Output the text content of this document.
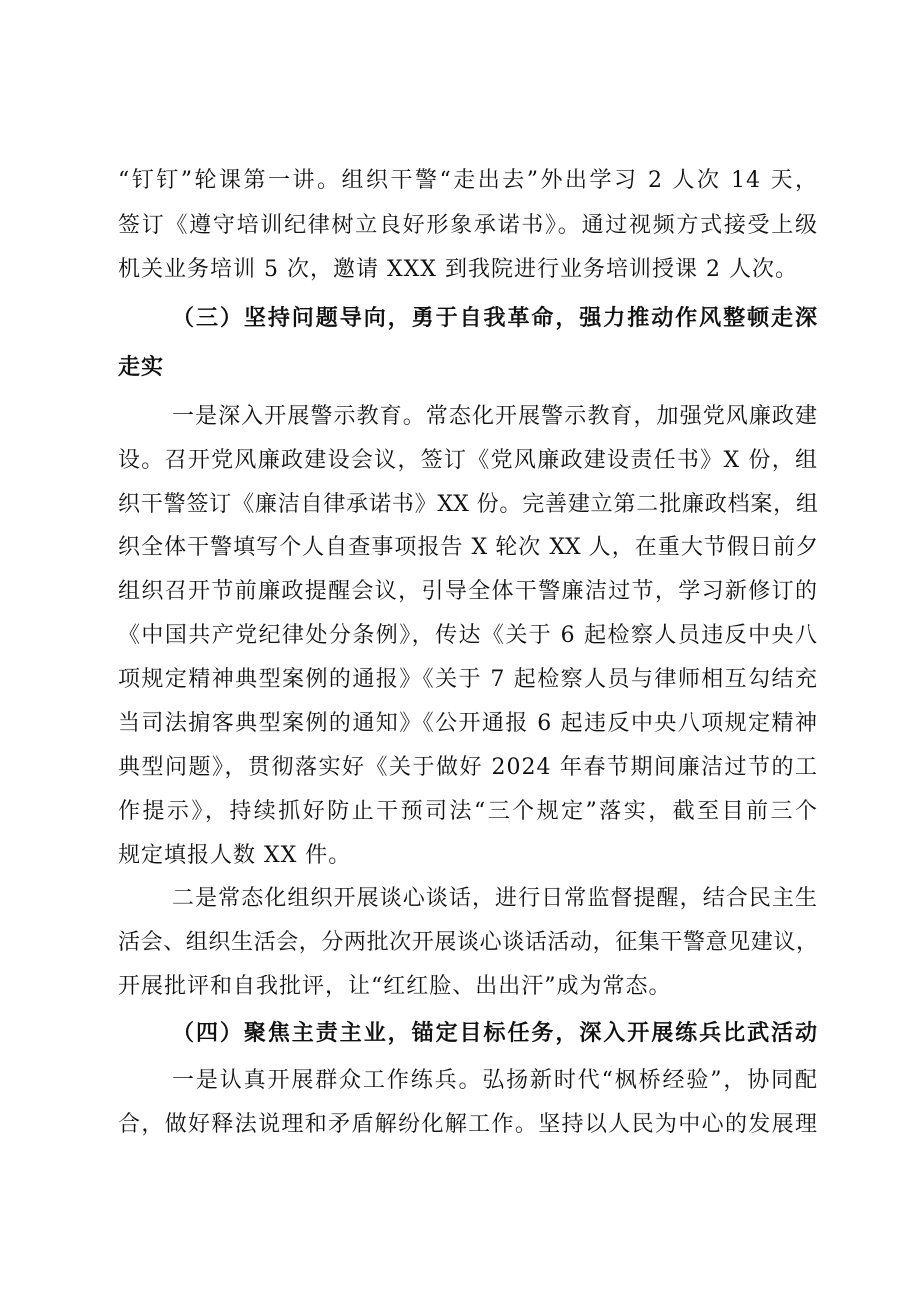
“钉钉”轮课第一讲。组织干警“走出去”外出学习 2 人次 14 天，
签订《遵守培训纪律树立良好形象承诺书》。通过视频方式接受上级
机关业务培训 5 次，邀请 XXX 到我院进行业务培训授课 2 人次。
（三）坚持问题导向，勇于自我革命，强力推动作风整顿走深
走实
一是深入开展警示教育。常态化开展警示教育，加强党风廉政建
设。召开党风廉政建设会议，签订《党风廉政建设责任书》X 份，组
织干警签订《廉洁自律承诺书》XX 份。完善建立第二批廉政档案，组
织全体干警填写个人自查事项报告 X 轮次 XX 人，在重大节假日前夕
组织召开节前廉政提醒会议，引导全体干警廉洁过节，学习新修订的
《中国共产党纪律处分条例》，传达《关于 6 起检察人员违反中央八
项规定精神典型案例的通报》《关于 7 起检察人员与律师相互勾结充
当司法掮客典型案例的通知》《公开通报 6 起违反中央八项规定精神
典型问题》，贯彻落实好《关于做好 2024 年春节期间廉洁过节的工
作提示》，持续抓好防止干预司法“三个规定”落实，截至目前三个
规定填报人数 XX 件。
二是常态化组织开展谈心谈话，进行日常监督提醒，结合民主生
活会、组织生活会，分两批次开展谈心谈话活动，征集干警意见建议，
开展批评和自我批评，让“红红脸、出出汗”成为常态。
（四）聚焦主责主业，锚定目标任务，深入开展练兵比武活动
一是认真开展群众工作练兵。弘扬新时代“枫桥经验”，协同配
合，做好释法说理和矛盾解纷化解工作。坚持以人民为中心的发展理
